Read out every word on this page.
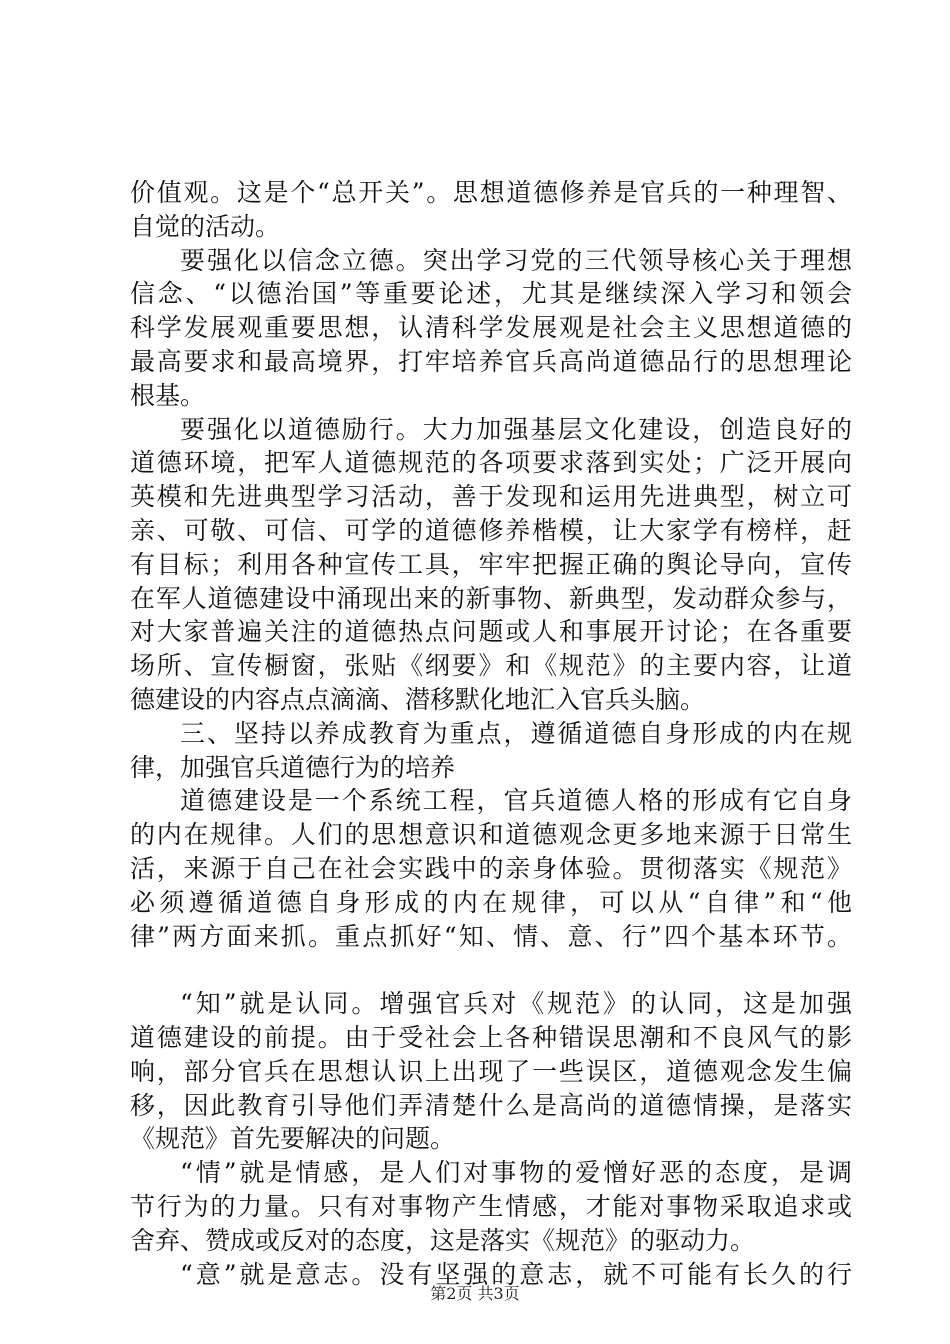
价值观。这是个“总开关”。思想道德修养是官兵的一种理智、
自觉的活动。
要强化以信念立德。突出学习党的三代领导核心关于理想
信念、“以德治国”等重要论述，尤其是继续深入学习和领会
科学发展观重要思想，认清科学发展观是社会主义思想道德的
最高要求和最高境界，打牢培养官兵高尚道德品行的思想理论
根基。
要强化以道德励行。大力加强基层文化建设，创造良好的
道德环境，把军人道德规范的各项要求落到实处；广泛开展向
英模和先进典型学习活动，善于发现和运用先进典型，树立可
亲、可敬、可信、可学的道德修养楷模，让大家学有榜样，赶
有目标；利用各种宣传工具，牢牢把握正确的舆论导向，宣传
在军人道德建设中涌现出来的新事物、新典型，发动群众参与，
对大家普遍关注的道德热点问题或人和事展开讨论；在各重要
场所、宣传橱窗，张贴《纲要》和《规范》的主要内容，让道
德建设的内容点点滴滴、潜移默化地汇入官兵头脑。
三、坚持以养成教育为重点，遵循道德自身形成的内在规
律，加强官兵道德行为的培养
道德建设是一个系统工程，官兵道德人格的形成有它自身
的内在规律。人们的思想意识和道德观念更多地来源于日常生
活，来源于自己在社会实践中的亲身体验。贯彻落实《规范》
必须遵循道德自身形成的内在规律，可以从“自律”和“他
律”两方面来抓。重点抓好“知、情、意、行”四个基本环节。
“知”就是认同。增强官兵对《规范》的认同，这是加强
道德建设的前提。由于受社会上各种错误思潮和不良风气的影
响，部分官兵在思想认识上出现了一些误区，道德观念发生偏
移，因此教育引导他们弄清楚什么是高尚的道德情操，是落实
《规范》首先要解决的问题。
“情”就是情感，是人们对事物的爱憎好恶的态度，是调
节行为的力量。只有对事物产生情感，才能对事物采取追求或
舍弃、赞成或反对的态度，这是落实《规范》的驱动力。
“意”就是意志。没有坚强的意志，就不可能有长久的行
第2页 共3页
